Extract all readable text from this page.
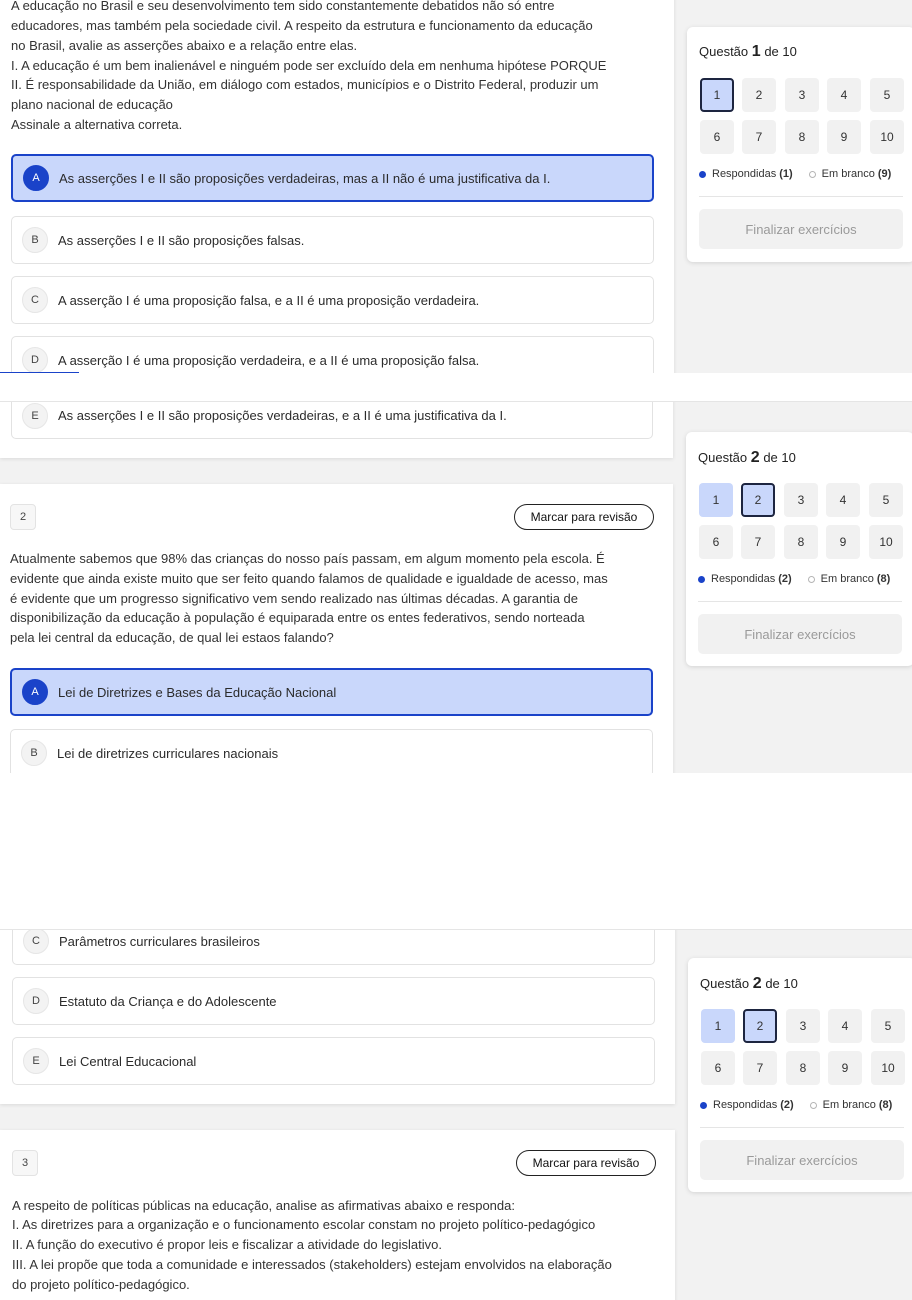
A educação no Brasil e seu desenvolvimento tem sido constantemente debatidos não só entre
educadores, mas também pela sociedade civil. A respeito da estrutura e funcionamento da educação
no Brasil, avalie as asserções abaixo e a relação entre elas.
I. A educação é um bem inalienável e ninguém pode ser excluído dela em nenhuma hipótese PORQUE
II. É responsabilidade da União, em diálogo com estados, municípios e o Distrito Federal, produzir um
plano nacional de educação
Assinale a alternativa correta.
A	As asserções I e II são proposições verdadeiras, mas a II não é uma justificativa da I.
B	As asserções I e II são proposições falsas.
C	A asserção I é uma proposição falsa, e a II é uma proposição verdadeira.
D	A asserção I é uma proposição verdadeira, e a II é uma proposição falsa.
Questão 1 de 10
1	2	3	4	5
6	7	8	9	10
Respondidas (1)	Em branco (9)
Finalizar exercícios
E	As asserções I e II são proposições verdadeiras, e a II é uma justificativa da I.
2	Marcar para revisão
Atualmente sabemos que 98% das crianças do nosso país passam, em algum momento pela escola. É
evidente que ainda existe muito que ser feito quando falamos de qualidade e igualdade de acesso, mas
é evidente que um progresso significativo vem sendo realizado nas últimas décadas. A garantia de
disponibilização da educação à população é equiparada entre os entes federativos, sendo norteada
pela lei central da educação, de qual lei estaos falando?
A	Lei de Diretrizes e Bases da Educação Nacional
B	Lei de diretrizes curriculares nacionais
Questão 2 de 10
1	2	3	4	5
6	7	8	9	10
Respondidas (2)	Em branco (8)
Finalizar exercícios
C	Parâmetros curriculares brasileiros
D	Estatuto da Criança e do Adolescente
E	Lei Central Educacional
3	Marcar para revisão
A respeito de políticas públicas na educação, analise as afirmativas abaixo e responda:
I. As diretrizes para a organização e o funcionamento escolar constam no projeto político-pedagógico
II. A função do executivo é propor leis e fiscalizar a atividade do legislativo.
III. A lei propõe que toda a comunidade e interessados (stakeholders) estejam envolvidos na elaboração
do projeto político-pedagógico.
Questão 2 de 10
1	2	3	4	5
6	7	8	9	10
Respondidas (2)	Em branco (8)
Finalizar exercícios
